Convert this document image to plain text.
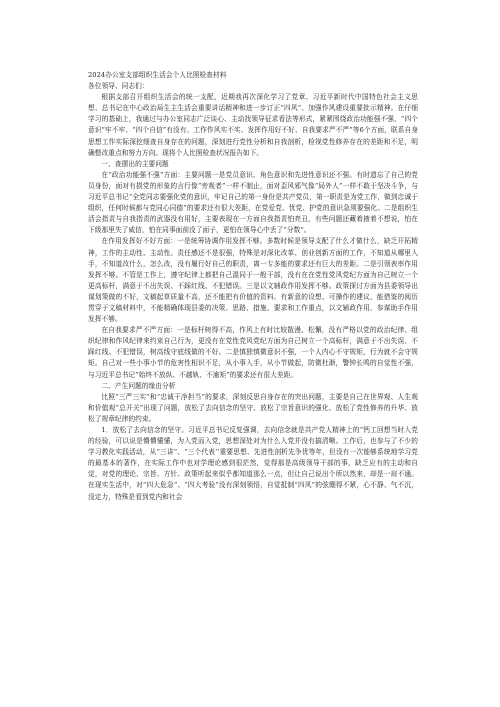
2024办公室支部组织生活会个人比照检查材料

各位领导、同志们：

根据支部召开组织生活会的统一支配，近期我再次深化学习了党章、习近平新时代中国特色社会主义思想、总书记在中心政治局生主生活会重要讲话精神和进一步订正“四风”、加强作风建设重要批示精神。在仔细学习的基础上，我通过与办公室同志广泛谈心、主动找领导征求看法等形式，紧紧围绕政治功能强不强、“四个意识”牢不牢、“四个自信”有没有、工作作风实不实、发挥作用好不好、自我要求严不严”等6个方面，联系自身思想工作实际深挖细查自身存在的问题，深刻进行党性分析和自我剖析，检视党性修养存在的差距和不足，明确整改重点和努力方向。现将个人比照检查状况报告如下。

一、查摆出的主要问题

在“政治功能强不强”方面：主要问题一是党员意识、角色意识和先进性意识还不强。有时遗忘了自己的党员身份，面对有损党的形象的言行像“旁观者”一样不制止，面对歪风邪气像“局外人”一样不敢于坚决斗争，与习近平总书记“全党同志要强化党的意识，牢记自己的第一身份是共产党员，第一职责是为党工作，做到忠诚于组织，任何时候都与党同心同德”的要求还有很大差距，在党爱党、忧党、护党的意识急须要强化。二是组织生活会指责与自我指责的武器没有用好，主要表现在一方面自我指责怕亮丑，有些问题还藏着掖着不想说，怕在下级那里失了威信，怕在同事面前没了面子，更怕在领导心中丢了“分数”。

在作用发挥好不好方面：一是统筹协调作用发挥不够。多数时候是领导支配了什么才做什么，缺乏开拓精神，工作的主动性、主动性、责任感还不是很强，特殊是对深化改革、创业创新方面的工作，不知道从哪里入手，不知道改什么，怎么改，没有履行好自己的职责，离一专多能的要求还有巨大的差距。二是引领表率作用发挥不够。不管是工作上，遵守纪律上都把自己混同于一般干部，没有在在党性党风党纪方面为自己树立一个更高标杆，满意于不出失误、不踩红线、不犯错误。三是以文辅政作用发挥不够。政策探讨方面为县委领导出谋划策做的不好，文稿起草质量不高，还不能把有价值的资料、有新意的设想、可操作的建议、能借鉴的阅历贯穿于文稿材料中，不能精确体现县委的决策、思路、措施、要求和工作重点，以文辅政作用、参谋助手作用发挥不够。

在自我要求严不严方面：一是标杆树得不高，作风上有时比较散漫、松懈，没有严格以党的政治纪律、组织纪律和作风纪律来约束自己行为，更没有在党性党风党纪方面为自己树立一个高标杆，满意于不出失误、不踩红线、不犯错误，树高线守底线做的不好。二是慎独慎微意识不强，一个人内心不守规矩，行为就不会守规矩。自己对一些小事小节的危害性相识不足，从小事入手，从小节做起，防微杜渐，警钟长鸣的自觉性不强，与习近平总书记“始终不放纵、不越轨、不逾矩”的要求还有很大差距。

二、产生问题的缘由分析

比照“三严三实”和“忠诚干净担当”的要求，深刻反思自身存在的突出问题，主要是自己在世界观、人生观和价值观“总开关”出现了问题，放松了去向信念的坚守、放松了宗旨意识的强化、放松了党性修养的升华、放松了规章纪律的约束。

1．放松了去向信念的坚守。习近平总书记反复强调，去向信念就是共产党人精神上的“钙工回想当时入党的经验，可以说是懵懵懂懂，为入党而入党，思想深处对为什么入党并没有搞清晰。工作后，也参与了不少的学习教化实践活动，从“三讲”、“三个代表‘’重要思想、先进性剖析先争优等年，但没有一次能够系统地学习党的最基本的著作，在实际工作中也对学理论感到很茫然，觉得那是高级领导干部的事，缺乏应有的主动和自觉，对党的理论、宗旨、方针、政策听起来似乎都知道那么一点，但让自己说出个所以然来，却是一肩不通。在现实生活中，对“四大危急”、“四大考验”没有深刻领悟，自觉抵制“四风”的弦绷得不紧，心不静、气不沉，没定力，特殊是看到党内和社会
